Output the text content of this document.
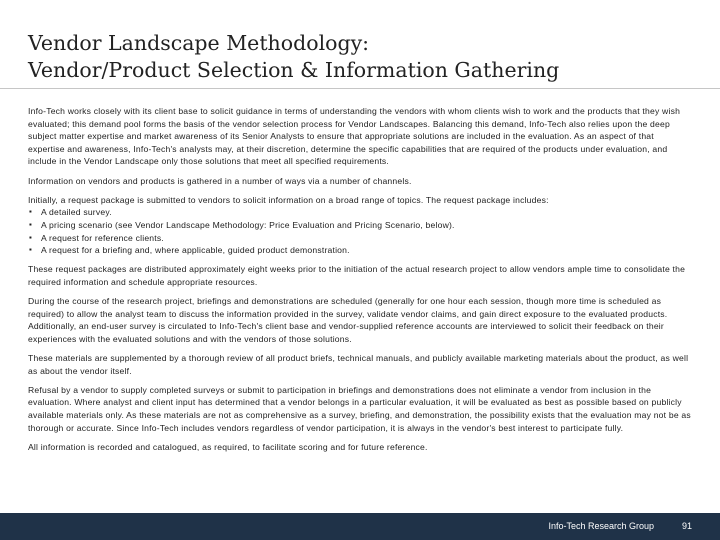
Vendor Landscape Methodology:
Vendor/Product Selection & Information Gathering

Info-Tech works closely with its client base to solicit guidance in terms of understanding the vendors with whom clients wish to work and the products that they wish evaluated; this demand pool forms the basis of the vendor selection process for Vendor Landscapes. Balancing this demand, Info-Tech also relies upon the deep subject matter expertise and market awareness of its Senior Analysts to ensure that appropriate solutions are included in the evaluation. As an aspect of that expertise and awareness, Info-Tech's analysts may, at their discretion, determine the specific capabilities that are required of the products under evaluation, and include in the Vendor Landscape only those solutions that meet all specified requirements.

Information on vendors and products is gathered in a number of ways via a number of channels.

Initially, a request package is submitted to vendors to solicit information on a broad range of topics. The request package includes:

▪ A detailed survey.
▪ A pricing scenario (see Vendor Landscape Methodology: Price Evaluation and Pricing Scenario, below).
▪ A request for reference clients.
▪ A request for a briefing and, where applicable, guided product demonstration.

These request packages are distributed approximately eight weeks prior to the initiation of the actual research project to allow vendors ample time to consolidate the required information and schedule appropriate resources.

During the course of the research project, briefings and demonstrations are scheduled (generally for one hour each session, though more time is scheduled as required) to allow the analyst team to discuss the information provided in the survey, validate vendor claims, and gain direct exposure to the evaluated products. Additionally, an end-user survey is circulated to Info-Tech's client base and vendor-supplied reference accounts are interviewed to solicit their feedback on their experiences with the evaluated solutions and with the vendors of those solutions.

These materials are supplemented by a thorough review of all product briefs, technical manuals, and publicly available marketing materials about the product, as well as about the vendor itself.

Refusal by a vendor to supply completed surveys or submit to participation in briefings and demonstrations does not eliminate a vendor from inclusion in the evaluation. Where analyst and client input has determined that a vendor belongs in a particular evaluation, it will be evaluated as best as possible based on publicly available materials only. As these materials are not as comprehensive as a survey, briefing, and demonstration, the possibility exists that the evaluation may not be as thorough or accurate. Since Info-Tech includes vendors regardless of vendor participation, it is always in the vendor's best interest to participate fully.

All information is recorded and catalogued, as required, to facilitate scoring and for future reference.

Info-Tech Research Group	91
